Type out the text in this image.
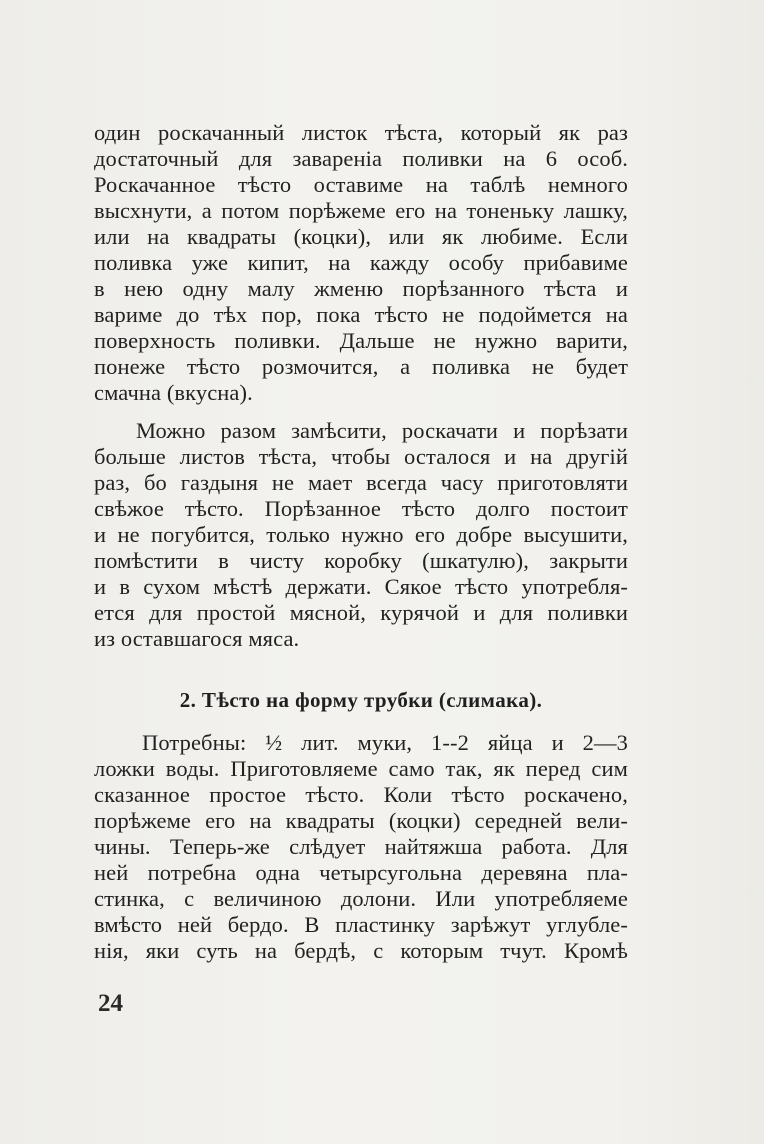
один роскачанный листок тѣста, который як раз
достаточный для завареніа поливки на 6 особ.
Роскачанное тѣсто оставиме на таблѣ немного
высхнути, а потом порѣжеме его на тоненьку лашку,
или на квадраты (коцки), или як любиме. Если
поливка уже кипит, на кажду особу прибавиме
в нею одну малу жменю порѣзанного тѣста и
вариме до тѣх пор, пока тѣсто не подоймется на
поверхность поливки. Дальше не нужно варити,
понеже тѣсто розмочится, а поливка не будет
смачна (вкусна).
Можно разом замѣсити, роскачати и порѣзати
больше листов тѣста, чтобы осталося и на другій
раз, бо газдыня не мает всегда часу приготовляти
свѣжое тѣсто. Порѣзанное тѣсто долго постоит
и не погубится, только нужно его добре высушити,
помѣстити в чисту коробку (шкатулю), закрыти
и в сухом мѣстѣ держати. Сякое тѣсто употребля-
ется для простой мясной, курячой и для поливки
из оставшагося мяса.
2. Тѣсто на форму трубки (слимака).
Потребны: ½ лит. муки, 1--2 яйца и 2—3
ложки воды. Приготовляеме само так, як перед сим
сказанное простое тѣсто. Коли тѣсто роскачено,
порѣжеме его на квадраты (коцки) середней вели-
чины. Теперь-же слѣдует найтяжша работа. Для
ней потребна одна четырсугольна деревяна пла-
стинка, с величиною долони. Или употребляеме
вмѣсто ней бердо. В пластинку зарѣжут углубле-
нія, яки суть на бердѣ, с которым тчут. Кромѣ
24
